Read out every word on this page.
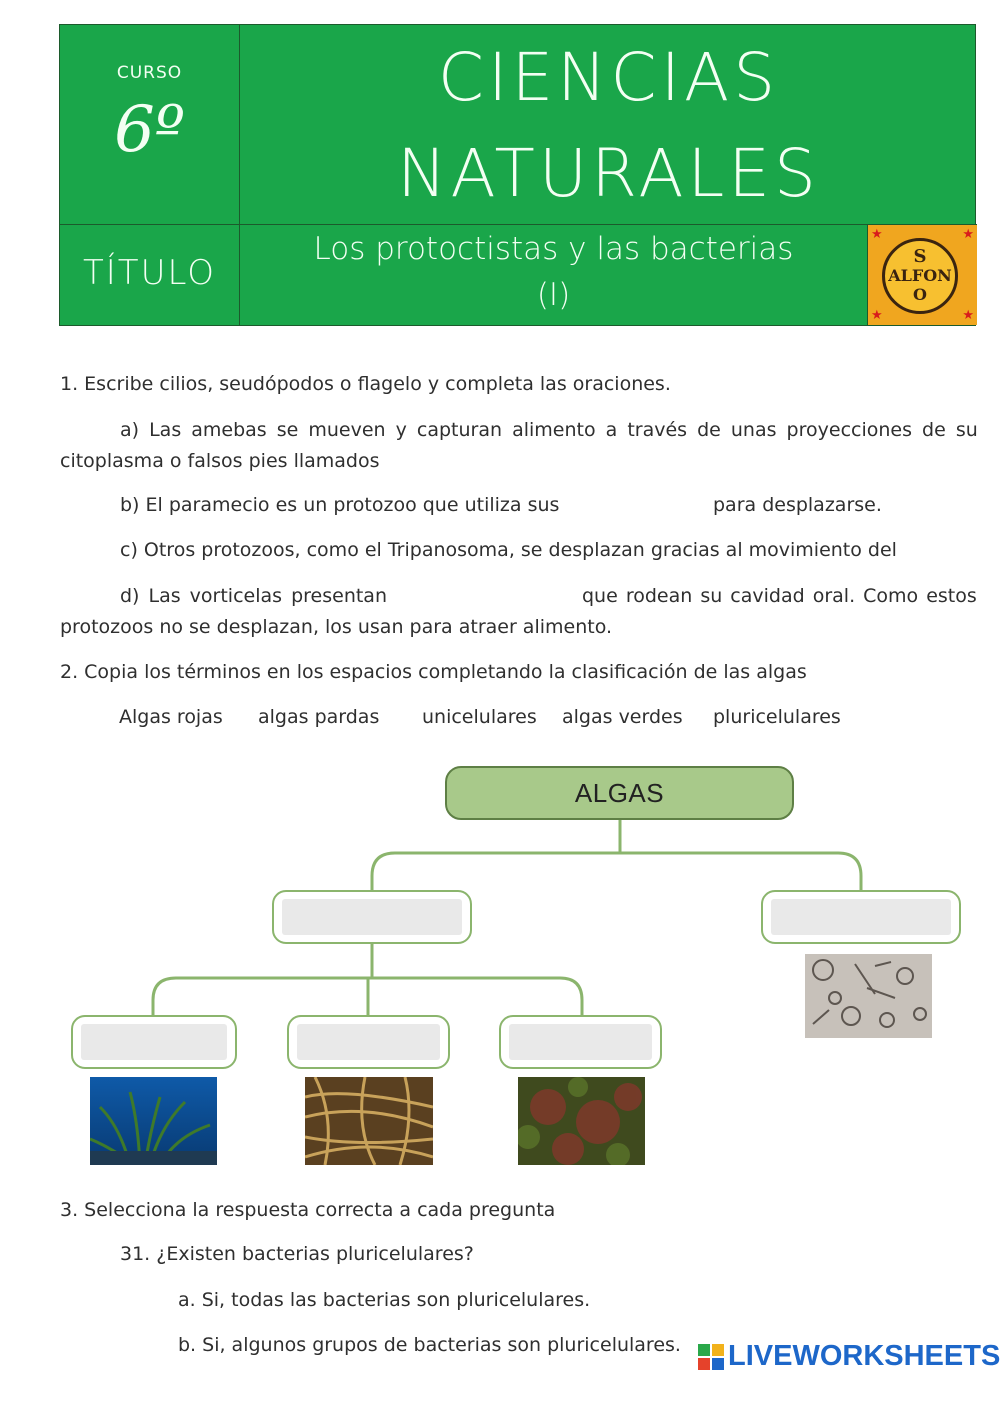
CURSO
6º
CIENCIAS
NATURALES
TÍTULO
Los protoctistas y las bacterias
(I)
★	★
★	★
S
ALFON O
1. Escribe cilios, seudópodos o flagelo y completa las oraciones.
a) Las amebas se mueven y capturan alimento a través de unas proyecciones de su
citoplasma o falsos pies llamados
b) El paramecio es un protozoo que utiliza sus	para desplazarse.
c) Otros protozoos, como el Tripanosoma, se desplazan gracias al movimiento del
d) Las vorticelas presentan	que rodean su cavidad oral. Como estos
protozoos no se desplazan, los usan para atraer alimento.
2. Copia los términos en los espacios completando la clasificación de las algas
Algas rojas algas pardas unicelulares algas verdes pluricelulares
ALGAS
3. Selecciona la respuesta correcta a cada pregunta
31. ¿Existen bacterias pluricelulares?
a. Si, todas las bacterias son pluricelulares.
b. Si, algunos grupos de bacterias son pluricelulares. LIVEWORKSHEETS
